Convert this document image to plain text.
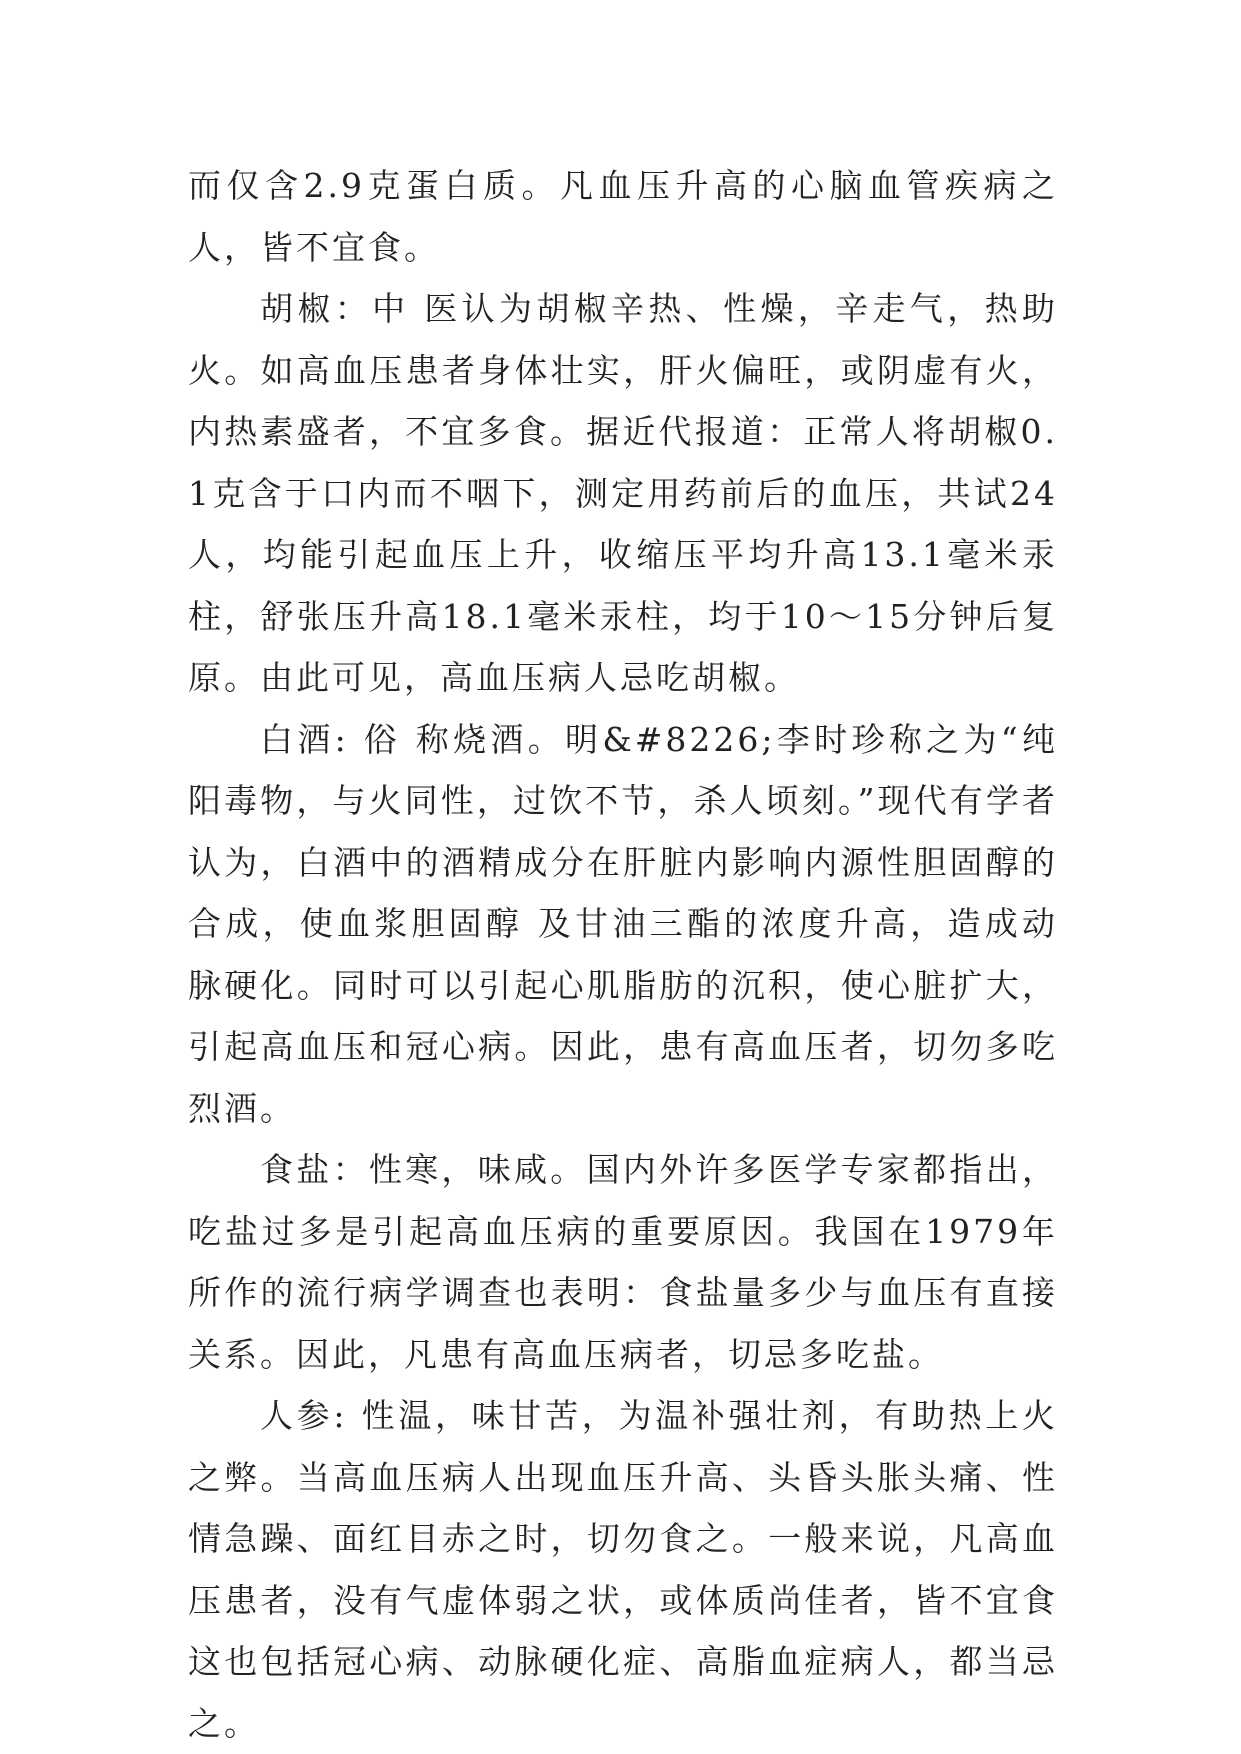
而仅含2.9克蛋白质。凡血压升高的心脑血管疾病之人，皆不宜食。

胡椒：中 医认为胡椒辛热、性燥，辛走气，热助火。如高血压患者身体壮实，肝火偏旺，或阴虚有火，内热素盛者，不宜多食。据近代报道：正常人将胡椒0.1克含于口内而不咽下，测定用药前后的血压，共试24人，均能引起血压上升，收缩压平均升高13.1毫米汞柱，舒张压升高18.1毫米汞柱，均于10～15分钟后复 原。由此可见，高血压病人忌吃胡椒。

白酒: 俗 称烧酒。明&#8226;李时珍称之为“纯阳毒物，与火同性，过饮不节，杀人顷刻。”现代有学者认为，白酒中的酒精成分在肝脏内影响内源性胆固醇的合成，使血浆胆固醇 及甘油三酯的浓度升高，造成动脉硬化。同时可以引起心肌脂肪的沉积，使心脏扩大，引起高血压和冠心病。因此，患有高血压者，切勿多吃烈酒。

食盐：性寒，味咸。国内外许多医学专家都指出，吃盐过多是引起高血压病的重要原因。我国在1979年所作的流行病学调查也表明：食盐量多少与血压有直接关系。因此，凡患有高血压病者，切忌多吃盐。

人参: 性温，味甘苦，为温补强壮剂，有助热上火之弊。当高血压病人出现血压升高、头昏头胀头痛、性情急躁、面红目赤之时，切勿食之。一般来说，凡高血压患者，没有气虚体弱之状，或体质尚佳者，皆不宜食这也包括冠心病、动脉硬化症、高脂血症病人，都当忌之。
